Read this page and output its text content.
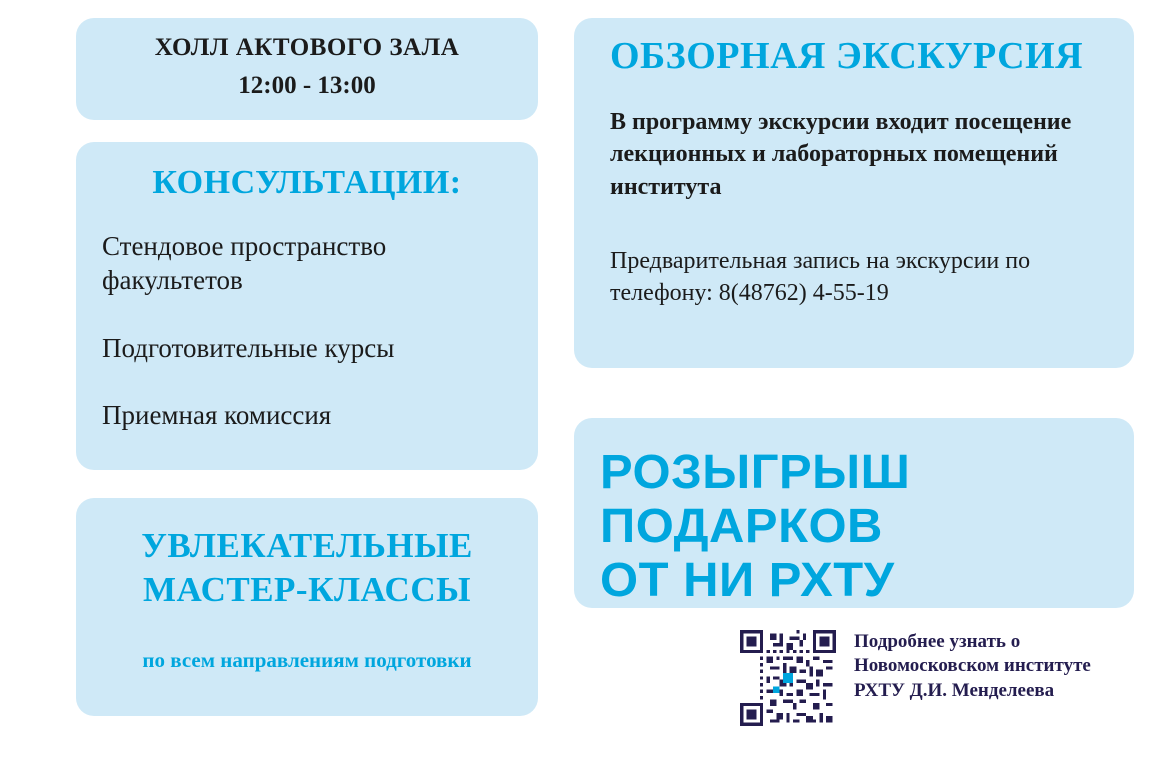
ХОЛЛ АКТОВОГО ЗАЛА
12:00 - 13:00
КОНСУЛЬТАЦИИ:
Стендовое пространство факультетов
Подготовительные курсы
Приемная комиссия
УВЛЕКАТЕЛЬНЫЕ МАСТЕР-КЛАССЫ
по всем направлениям подготовки
ОБЗОРНАЯ ЭКСКУРСИЯ
В программу экскурсии входит посещение лекционных и лабораторных помещений института
Предварительная запись на экскурсии по телефону: 8(48762) 4-55-19
РОЗЫГРЫШ ПОДАРКОВ
ОТ НИ РХТУ
Подробнее узнать о Новомосковском институте РХТУ Д.И. Менделеева
